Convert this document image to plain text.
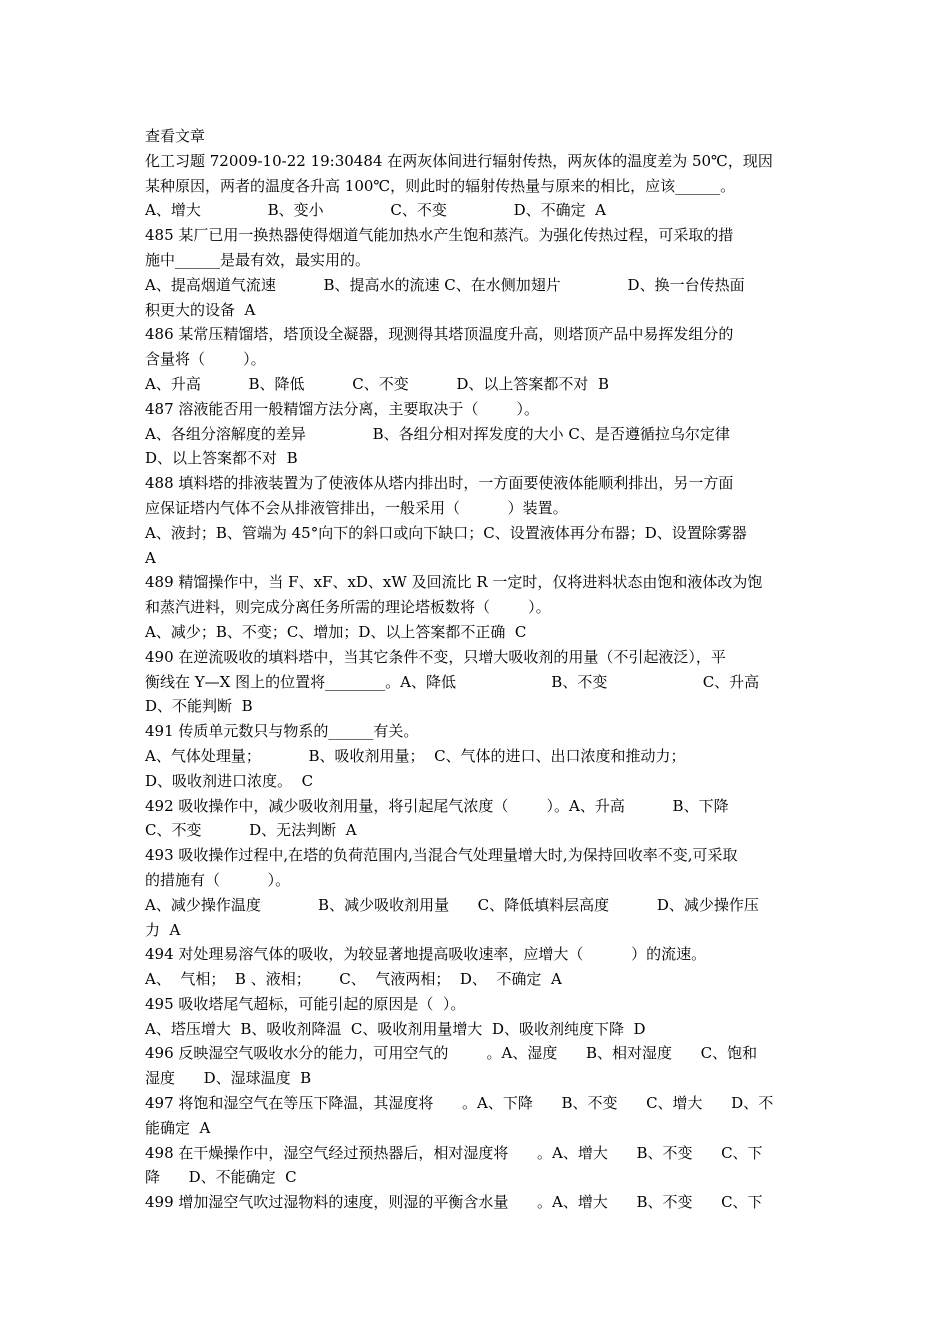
查看文章
化工习题 72009-10-22 19:30484 在两灰体间进行辐射传热，两灰体的温度差为 50℃，现因
某种原因，两者的温度各升高 100℃，则此时的辐射传热量与原来的相比，应该______。
A、增大              B、变小              C、不变              D、不确定  A
485 某厂已用一换热器使得烟道气能加热水产生饱和蒸汽。为强化传热过程，可采取的措
施中______是最有效，最实用的。
A、提高烟道气流速          B、提高水的流速 C、在水侧加翅片              D、换一台传热面
积更大的设备  A
486 某常压精馏塔，塔顶设全凝器，现测得其塔顶温度升高，则塔顶产品中易挥发组分的
含量将（        ）。
A、升高          B、降低          C、不变          D、以上答案都不对  B
487 溶液能否用一般精馏方法分离，主要取决于（        ）。
A、各组分溶解度的差异              B、各组分相对挥发度的大小 C、是否遵循拉乌尔定律
D、以上答案都不对  B
488 填料塔的排液装置为了使液体从塔内排出时，一方面要使液体能顺利排出，另一方面
应保证塔内气体不会从排液管排出，一般采用（          ）装置。
A、液封；B、管端为 45°向下的斜口或向下缺口；C、设置液体再分布器；D、设置除雾器
A
489 精馏操作中，当 F、xF、xD、xW 及回流比 R 一定时，仅将进料状态由饱和液体改为饱
和蒸汽进料，则完成分离任务所需的理论塔板数将（        ）。
A、减少；B、不变；C、增加；D、以上答案都不正确  C
490 在逆流吸收的填料塔中，当其它条件不变，只增大吸收剂的用量（不引起液泛），平
衡线在 Y—X 图上的位置将________。A、降低                    B、不变                    C、升高
D、不能判断  B
491 传质单元数只与物系的______有关。
A、气体处理量；          B、吸收剂用量；  C、气体的进口、出口浓度和推动力；
D、吸收剂进口浓度。  C
492 吸收操作中，减少吸收剂用量，将引起尾气浓度（        ）。A、升高          B、下降
C、不变          D、无法判断  A
493 吸收操作过程中,在塔的负荷范围内,当混合气处理量增大时,为保持回收率不变,可采取
的措施有（          ）。
A、减少操作温度            B、减少吸收剂用量      C、降低填料层高度          D、减少操作压
力  A
494 对处理易溶气体的吸收，为较显著地提高吸收速率，应增大（          ）的流速。
A、  气相；  B 、液相；      C、  气液两相；  D、  不确定  A
495 吸收塔尾气超标，可能引起的原因是（  ）。
A、塔压增大  B、吸收剂降温  C、吸收剂用量增大  D、吸收剂纯度下降  D
496 反映湿空气吸收水分的能力，可用空气的        。A、湿度      B、相对湿度      C、饱和
湿度      D、湿球温度  B
497 将饱和湿空气在等压下降温，其湿度将      。A、下降      B、不变      C、增大      D、不
能确定  A
498 在干燥操作中，湿空气经过预热器后，相对湿度将      。A、增大      B、不变      C、下
降      D、不能确定  C
499 增加湿空气吹过湿物料的速度，则湿的平衡含水量      。A、增大      B、不变      C、下
